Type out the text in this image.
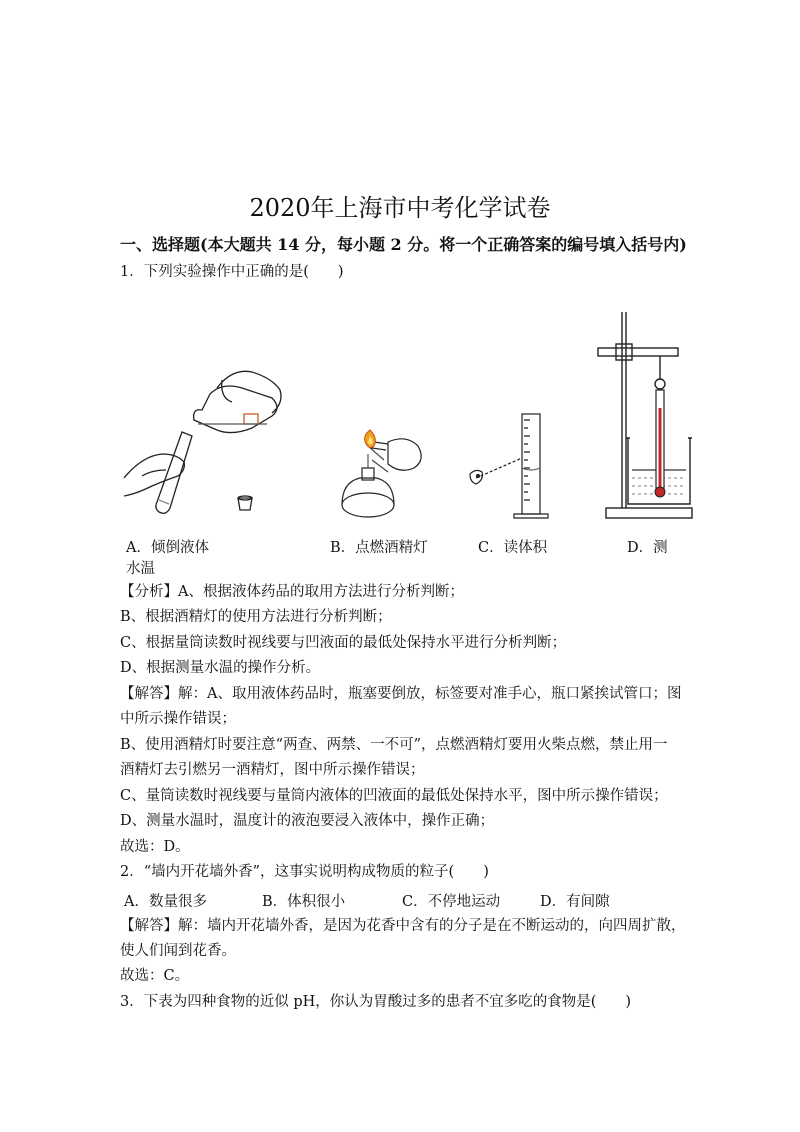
2020年上海市中考化学试卷
一、选择题(本大题共 14 分，每小题 2 分。将一个正确答案的编号填入括号内)
1．下列实验操作中正确的是(　　)
A．倾倒液体	B．点燃酒精灯	C．读体积	D．测
水温
【分析】A、根据液体药品的取用方法进行分析判断；
B、根据酒精灯的使用方法进行分析判断；
C、根据量筒读数时视线要与凹液面的最低处保持水平进行分析判断；
D、根据测量水温的操作分析。
【解答】解：A、取用液体药品时，瓶塞要倒放，标签要对准手心，瓶口紧挨试管口；图
中所示操作错误；
B、使用酒精灯时要注意“两查、两禁、一不可”，点燃酒精灯要用火柴点燃，禁止用一
酒精灯去引燃另一酒精灯，图中所示操作错误；
C、量筒读数时视线要与量筒内液体的凹液面的最低处保持水平，图中所示操作错误；
D、测量水温时，温度计的液泡要浸入液体中，操作正确；
故选：D。
2．“墙内开花墙外香”，这事实说明构成物质的粒子(　　)
A．数量很多	B．体积很小	C．不停地运动	D．有间隙
【解答】解：墙内开花墙外香，是因为花香中含有的分子是在不断运动的，向四周扩散，
使人们闻到花香。
故选：C。
3．下表为四种食物的近似 pH，你认为胃酸过多的患者不宜多吃的食物是(　　)
